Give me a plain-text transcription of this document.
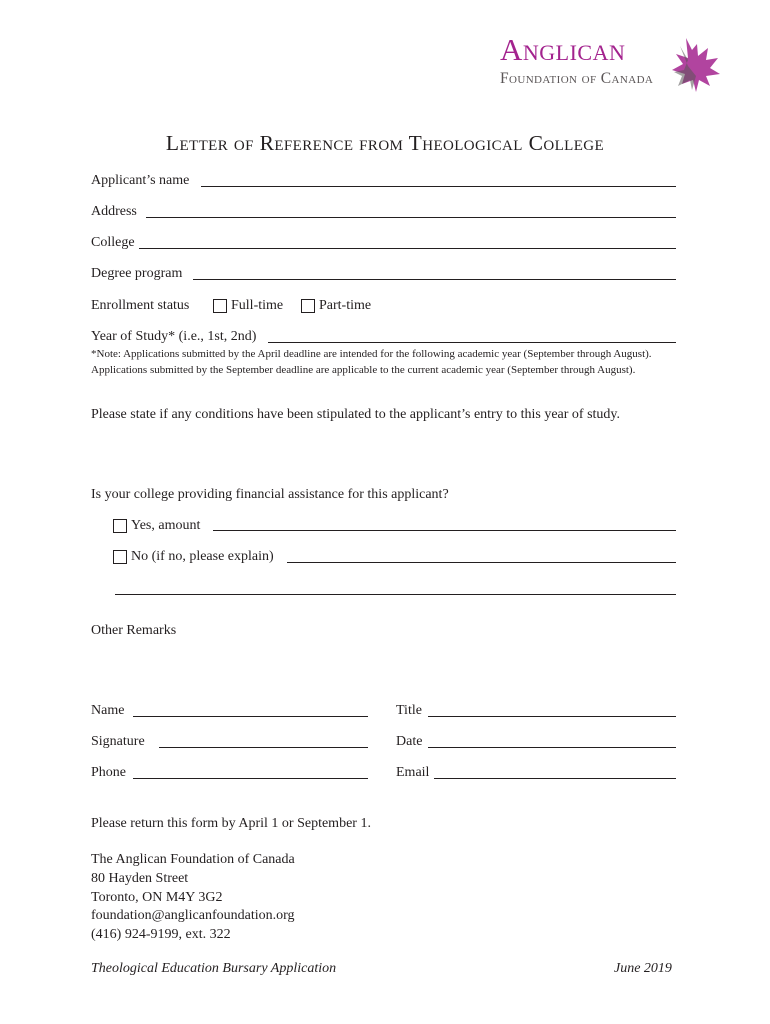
Anglican
Foundation of Canada
Letter of Reference from Theological College
Applicant’s name
Address
College
Degree program
Enrollment status	Full-time	Part-time
Year of Study* (i.e., 1st, 2nd)
*Note: Applications submitted by the April deadline are intended for the following academic year (September through August). Applications submitted by the September deadline are applicable to the current academic year (September through August).
Please state if any conditions have been stipulated to the applicant’s entry to this year of study.
Is your college providing financial assistance for this applicant?
Yes, amount
No (if no, please explain)
Other Remarks
Name	Title
Signature	Date
Phone	Email
Please return this form by April 1 or September 1.
The Anglican Foundation of Canada
80 Hayden Street
Toronto, ON M4Y 3G2
foundation@anglicanfoundation.org
(416) 924-9199, ext. 322
Theological Education Bursary Application	June 2019
